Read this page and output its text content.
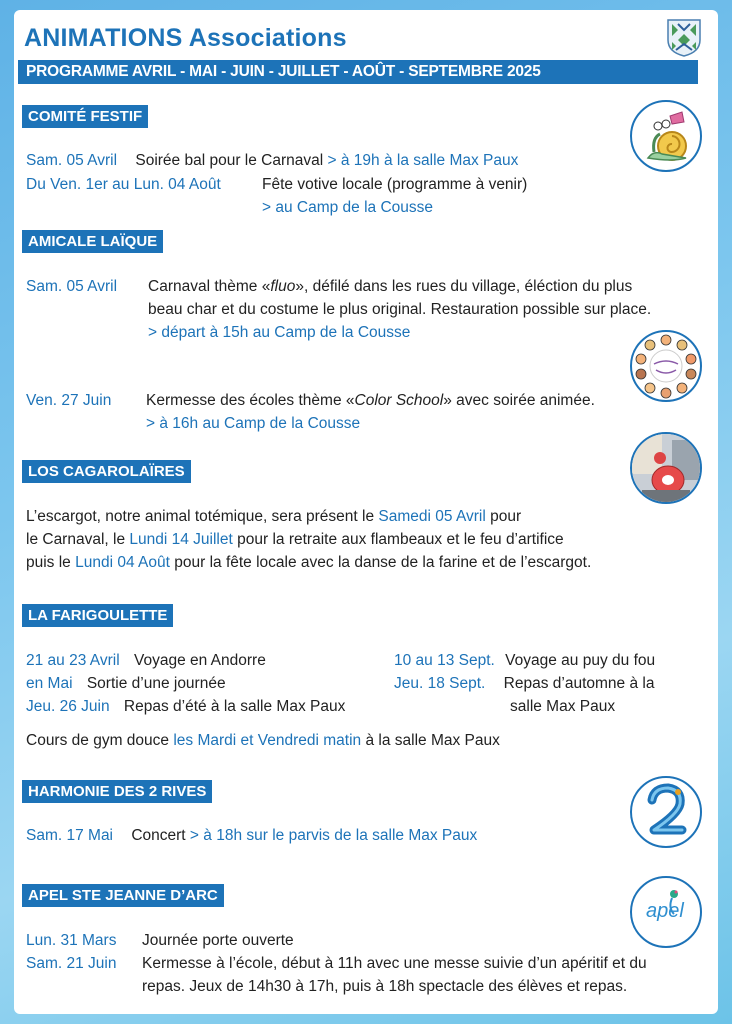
ANIMATIONS Associations
PROGRAMME AVRIL - MAI - JUIN - JUILLET - AOÛT - SEPTEMBRE 2025
COMITÉ FESTIF
Sam. 05 Avril Soirée bal pour le Carnaval > à 19h à la salle Max Paux
Du Ven. 1er au Lun. 04 Août	Fête votive locale (programme à venir)
> au Camp de la Cousse
AMICALE LAÏQUE
Sam. 05 Avril Carnaval thème «fluo», défilé dans les rues du village, éléction du plus
beau char et du costume le plus original. Restauration possible sur place.
> départ à 15h au Camp de la Cousse
Ven. 27 Juin Kermesse des écoles thème «Color School» avec soirée animée.
> à 16h au Camp de la Cousse
LOS CAGAROLAÏRES
L’escargot, notre animal totémique, sera présent le Samedi 05 Avril pour
le Carnaval, le Lundi 14 Juillet pour la retraite aux flambeaux et le feu d’artifice
puis le Lundi 04 Août pour la fête locale avec la danse de la farine et de l’escargot.
LA FARIGOULETTE
21 au 23 Avril Voyage en Andorre
en Mai Sortie d’une journée
Jeu. 26 Juin Repas d’été à la salle Max Paux
10 au 13 Sept. Voyage au puy du fou
Jeu. 18 Sept. Repas d’automne à la
salle Max Paux
Cours de gym douce les Mardi et Vendredi matin à la salle Max Paux
HARMONIE DES 2 RIVES
Sam. 17 Mai Concert > à 18h sur le parvis de la salle Max Paux
APEL STE JEANNE D’ARC
apel
Lun. 31 Mars Journée porte ouverte
Sam. 21 Juin Kermesse à l’école, début à 11h avec une messe suivie d’un apéritif et du
repas. Jeux de 14h30 à 17h, puis à 18h spectacle des élèves et repas.
